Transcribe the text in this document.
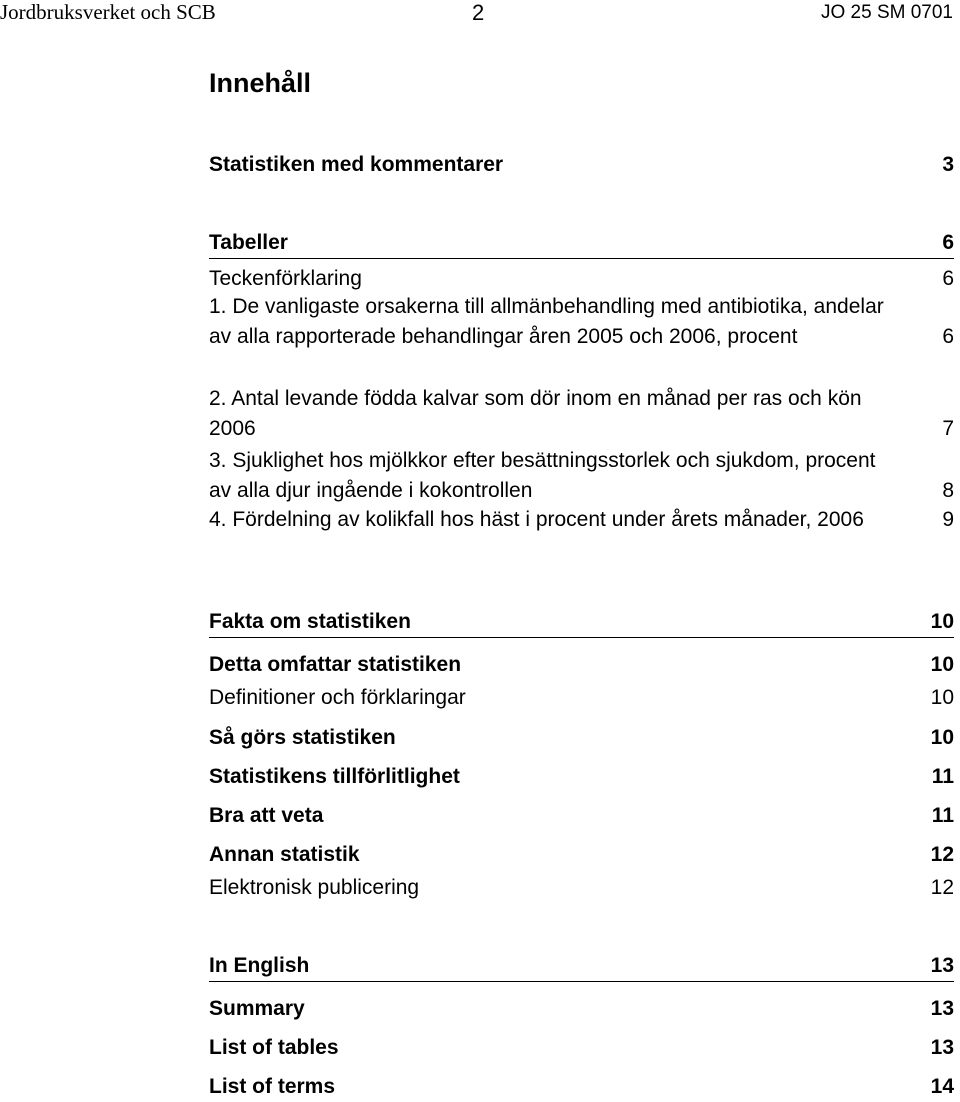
Jordbruksverket och SCB	2	JO 25 SM 0701
Innehåll
Statistiken med kommentarer	3
Tabeller	6
Teckenförklaring	6
1. De vanligaste orsakerna till allmänbehandling med antibiotika, andelar av alla rapporterade behandlingar åren 2005 och 2006, procent	6
2. Antal levande födda kalvar som dör inom en månad per ras och kön 2006	7
3. Sjuklighet hos mjölkkor efter besättningsstorlek och sjukdom, procent av alla djur ingående i kokontrollen	8
4. Fördelning av kolikfall hos häst i procent under årets månader, 2006	9
Fakta om statistiken	10
Detta omfattar statistiken	10
Definitioner och förklaringar	10
Så görs statistiken	10
Statistikens tillförlitlighet	11
Bra att veta	11
Annan statistik	12
Elektronisk publicering	12
In English	13
Summary	13
List of tables	13
List of terms	14
